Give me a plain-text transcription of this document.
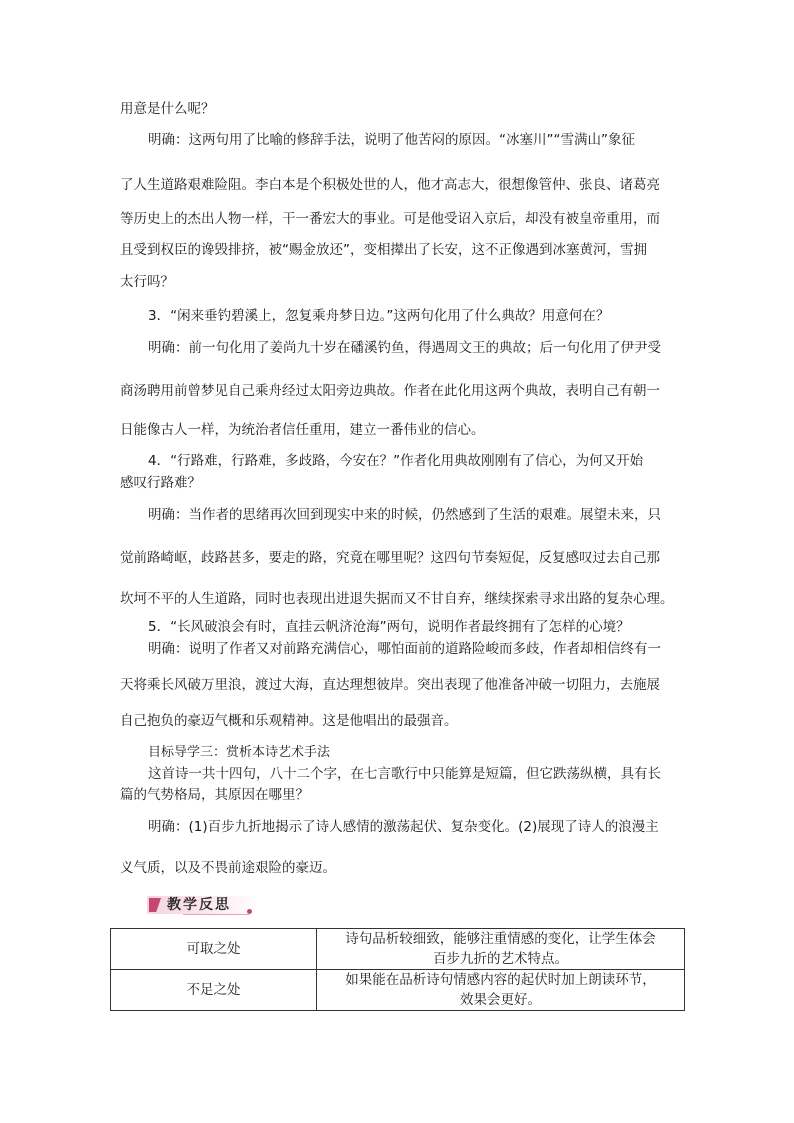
用意是什么呢？
明确：这两句用了比喻的修辞手法，说明了他苦闷的原因。“冰塞川”“雪满山”象征
了人生道路艰难险阻。李白本是个积极处世的人，他才高志大，很想像管仲、张良、诸葛亮
等历史上的杰出人物一样，干一番宏大的事业。可是他受诏入京后，却没有被皇帝重用，而
且受到权臣的谗毁排挤，被“赐金放还”，变相撵出了长安，这不正像遇到冰塞黄河，雪拥
太行吗？
3．“闲来垂钓碧溪上，忽复乘舟梦日边。”这两句化用了什么典故？用意何在？
明确：前一句化用了姜尚九十岁在磻溪钓鱼，得遇周文王的典故；后一句化用了伊尹受
商汤聘用前曾梦见自己乘舟经过太阳旁边典故。作者在此化用这两个典故，表明自己有朝一
日能像古人一样，为统治者信任重用，建立一番伟业的信心。
4．“行路难，行路难，多歧路，今安在？”作者化用典故刚刚有了信心，为何又开始
感叹行路难？
明确：当作者的思绪再次回到现实中来的时候，仍然感到了生活的艰难。展望未来，只
觉前路崎岖，歧路甚多，要走的路，究竟在哪里呢？这四句节奏短促，反复感叹过去自己那
坎坷不平的人生道路，同时也表现出进退失据而又不甘自弃，继续探索寻求出路的复杂心理。
5．“长风破浪会有时，直挂云帆济沧海”两句，说明作者最终拥有了怎样的心境？
明确：说明了作者又对前路充满信心，哪怕面前的道路险峻而多歧，作者却相信终有一
天将乘长风破万里浪，渡过大海，直达理想彼岸。突出表现了他准备冲破一切阻力，去施展
自己抱负的豪迈气概和乐观精神。这是他唱出的最强音。
目标导学三：赏析本诗艺术手法
这首诗一共十四句，八十二个字，在七言歌行中只能算是短篇，但它跌荡纵横，具有长
篇的气势格局，其原因在哪里？
明确：(1)百步九折地揭示了诗人感情的激荡起伏、复杂变化。(2)展现了诗人的浪漫主
义气质，以及不畏前途艰险的豪迈。
教学反思
可取之处	诗句品析较细致，能够注重情感的变化，让学生体会
百步九折的艺术特点。

不足之处	如果能在品析诗句情感内容的起伏时加上朗读环节，
效果会更好。
